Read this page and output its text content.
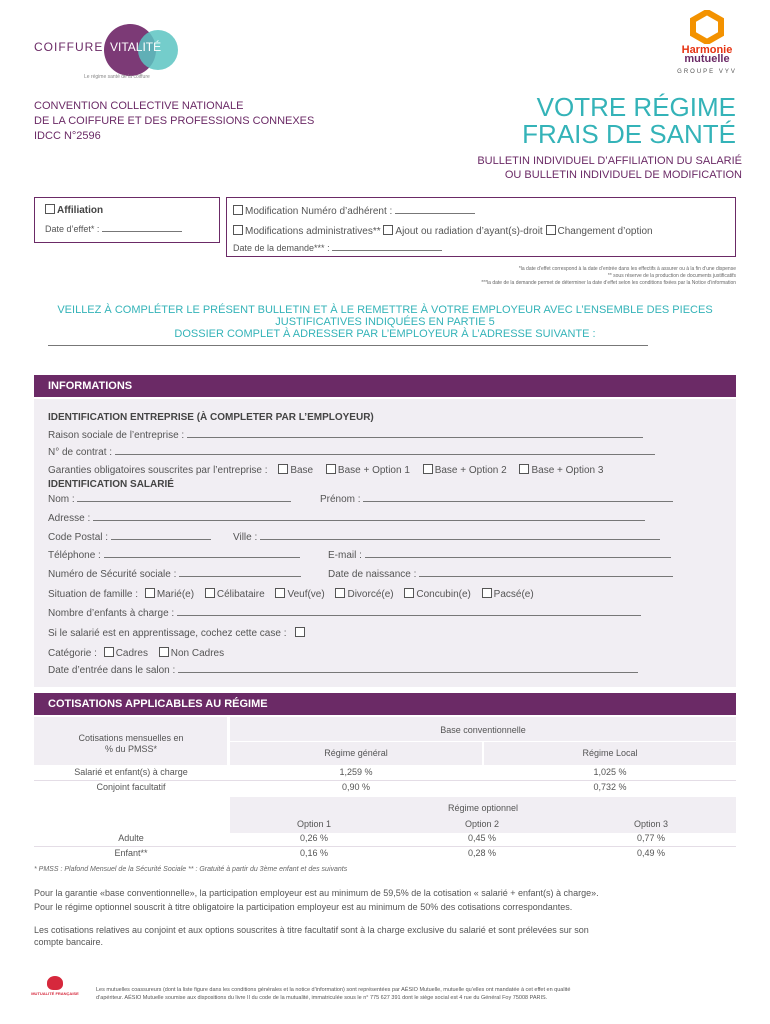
COIFFURE VITALITÉ
Le régime santé de la coiffure
Harmonie
mutuelle
GROUPE VYV
CONVENTION COLLECTIVE NATIONALE
DE LA COIFFURE ET DES PROFESSIONS CONNEXES
IDCC N°2596
VOTRE RÉGIME
FRAIS DE SANTÉ
BULLETIN INDIVIDUEL D’AFFILIATION DU SALARIÉ
OU BULLETIN INDIVIDUEL DE MODIFICATION
Affiliation
Date d’effet* :
Modification Numéro d’adhérent :
Modifications administratives** Ajout ou radiation d’ayant(s)-droit Changement d’option
Date de la demande*** :
*la date d’effet correspond à la date d’entrée dans les effectifs à assurer ou à la fin d’une dispense
** sous réserve de la production de documents justificatifs
***la date de la demande permet de déterminer la date d’effet selon les conditions fixées par la Notice d’information
VEILLEZ À COMPLÉTER LE PRÉSENT BULLETIN ET À LE REMETTRE À VOTRE EMPLOYEUR AVEC L’ENSEMBLE DES PIECES
JUSTIFICATIVES INDIQUÉES EN PARTIE 5
DOSSIER COMPLET À ADRESSER PAR L’EMPLOYEUR À L’ADRESSE SUIVANTE :
INFORMATIONS
IDENTIFICATION ENTREPRISE (À COMPLETER PAR L’EMPLOYEUR)
Raison sociale de l’entreprise :
N° de contrat :
Garanties obligatoires souscrites par l’entreprise : Base Base + Option 1 Base + Option 2 Base + Option 3
IDENTIFICATION SALARIÉ
Nom :	Prénom :
Adresse :
Code Postal :	Ville :
Téléphone :	E-mail :
Numéro de Sécurité sociale :	Date de naissance :
Situation de famille : Marié(e) Célibataire Veuf(ve) Divorcé(e) Concubin(e) Pacsé(e)
Nombre d’enfants à charge :
Si le salarié est en apprentissage, cochez cette case :
Catégorie : Cadres Non Cadres
Date d’entrée dans le salon :
COTISATIONS APPLICABLES AU RÉGIME
Cotisations mensuelles en
% du PMSS*
Base conventionnelle
Régime général	Régime Local
Salarié et enfant(s) à charge	1,259 %	1,025 %
Conjoint facultatif	0,90 %	0,732 %
Régime optionnel
Option 1	Option 2	Option 3
Adulte	0,26 %	0,45 %	0,77 %
Enfant**	0,16 %	0,28 %	0,49 %
* PMSS : Plafond Mensuel de la Sécurité Sociale ** : Gratuité à partir du 3ème enfant et des suivants
Pour la garantie «base conventionnelle», la participation employeur est au minimum de 59,5% de la cotisation « salarié + enfant(s) à charge».
Pour le régime optionnel souscrit à titre obligatoire la participation employeur est au minimum de 50% des cotisations correspondantes.
Les cotisations relatives au conjoint et aux options souscrites à titre facultatif sont à la charge exclusive du salarié et sont prélevées sur son
compte bancaire.
MUTUALITÉ FRANÇAISE
Les mutuelles coassureurs (dont la liste figure dans les conditions générales et la notice d’information) sont représentées par AÉSIO Mutuelle, mutuelle qu’elles ont mandatée à cet effet en qualité
d’apériteur. AÉSIO Mutuelle soumise aux dispositions du livre II du code de la mutualité, immatriculée sous le n° 775 627 391 dont le siège social est 4 rue du Général Foy 75008 PARIS.
